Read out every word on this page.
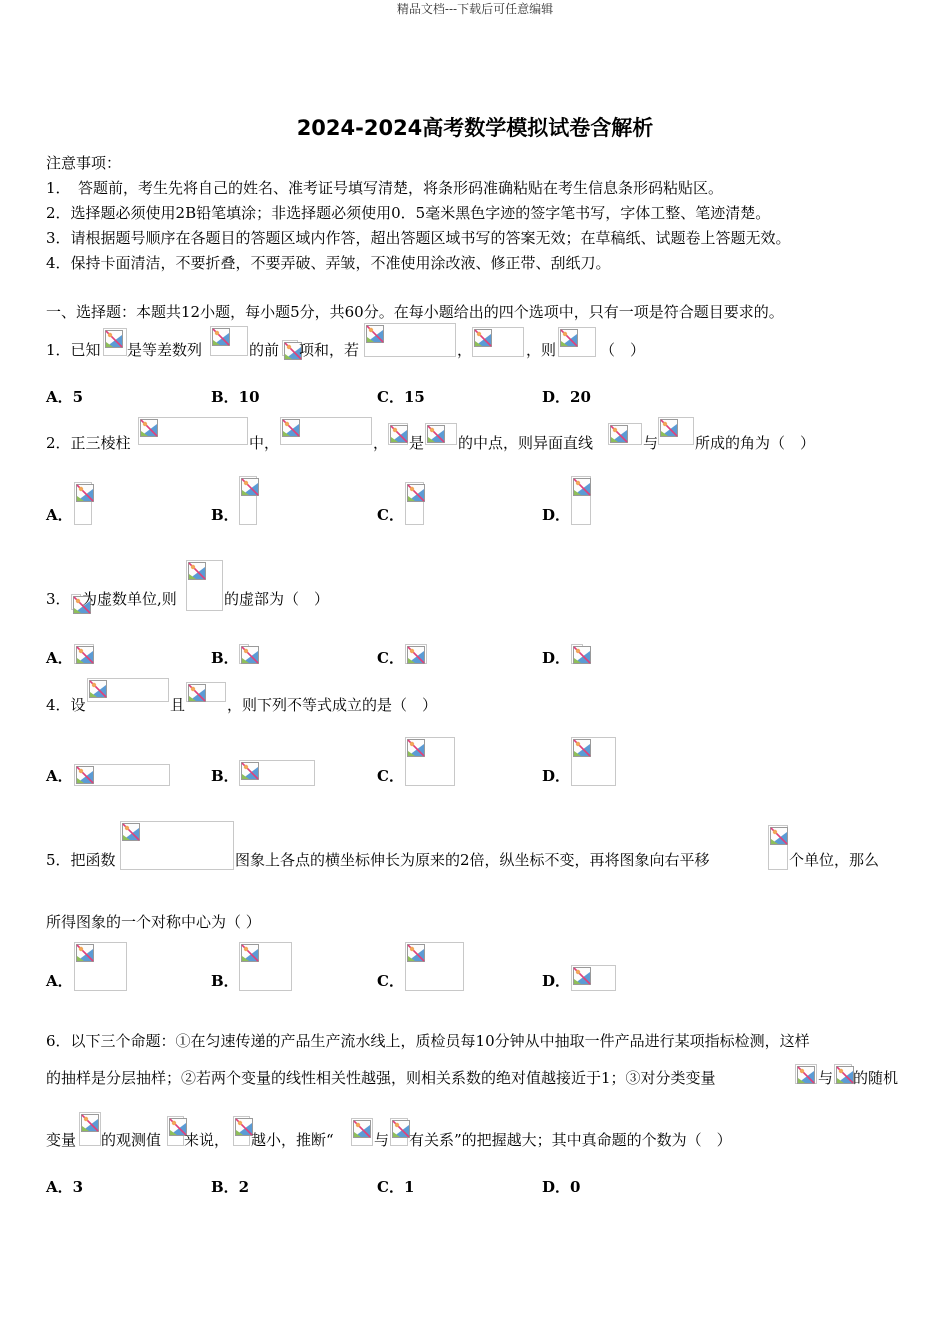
精品文档---下载后可任意编辑
2024-2024高考数学模拟试卷含解析
注意事项：
1．　答题前，考生先将自己的姓名、准考证号填写清楚，将条形码准确粘贴在考生信息条形码粘贴区。
2．选择题必须使用2B铅笔填涂；非选择题必须使用0．5毫米黑色字迹的签字笔书写，字体工整、笔迹清楚。
3．请根据题号顺序在各题目的答题区域内作答，超出答题区域书写的答案无效；在草稿纸、试题卷上答题无效。
4．保持卡面清洁，不要折叠，不要弄破、弄皱，不准使用涂改液、修正带、刮纸刀。
一、选择题：本题共12小题，每小题5分，共60分。在每小题给出的四个选项中，只有一项是符合题目要求的。
1．已知 是等差数列	的前 项和，若	，	，则	（　）
A．5	B．10	C．15	D．20
2．正三棱柱	中，	， 是 的中点，则异面直线	与 所成的角为（　）
A．	B．	C．	D．
3． 为虚数单位,则	的虚部为（　）
A．	B．	C．	D．
4．设	且	，则下列不等式成立的是（　）
A．	B．	C．	D．
5．把函数	图象上各点的横坐标伸长为原来的2倍，纵坐标不变，再将图象向右平移	个单位，那么
所得图象的一个对称中心为（ ）
A．	B．	C．	D．
6．以下三个命题：①在匀速传递的产品生产流水线上，质检员每10分钟从中抽取一件产品进行某项指标检测，这样
的抽样是分层抽样；②若两个变量的线性相关性越强，则相关系数的绝对值越接近于1；③对分类变量	与 的随机
变量 的观测值 来说， 越小，推断“	与 有关系”的把握越大；其中真命题的个数为（　）
A．3	B．2	C．1	D．0
